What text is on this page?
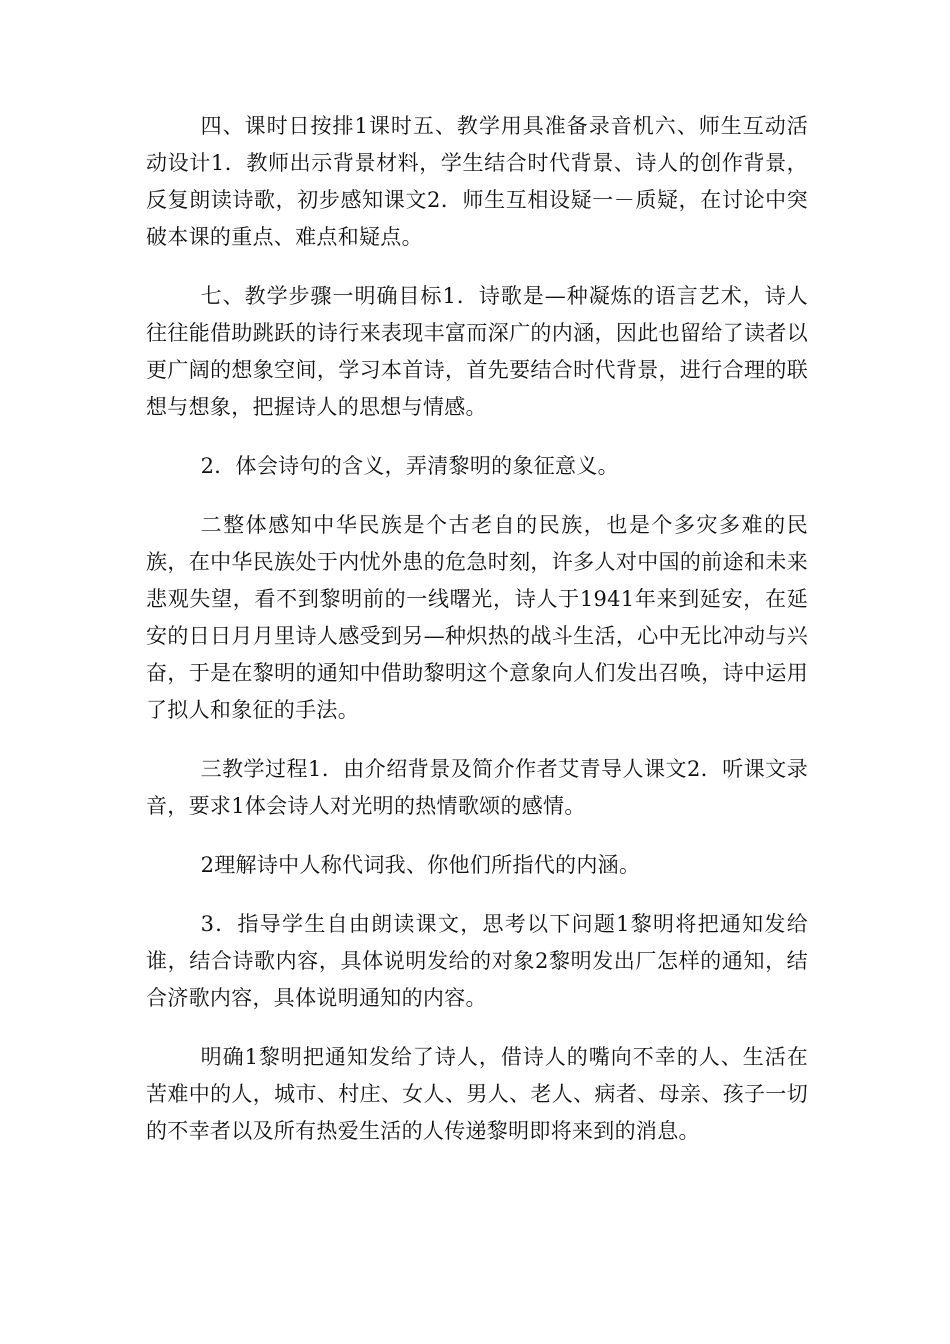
四、课时日按排1课时五、教学用具准备录音机六、师生互动活动设计1．教师出示背景材料，学生结合时代背景、诗人的创作背景，反复朗读诗歌，初步感知课文2．师生互相设疑一－质疑，在讨论中突破本课的重点、难点和疑点。

七、教学步骤一明确目标1．诗歌是—种凝炼的语言艺术，诗人往往能借助跳跃的诗行来表现丰富而深广的内涵，因此也留给了读者以更广阔的想象空间，学习本首诗，首先要结合时代背景，进行合理的联想与想象，把握诗人的思想与情感。

2．体会诗句的含义，弄清黎明的象征意义。

二整体感知中华民族是个古老自的民族，也是个多灾多难的民族，在中华民族处于内忧外患的危急时刻，许多人对中国的前途和未来悲观失望，看不到黎明前的一线曙光，诗人于1941年来到延安，在延安的日日月月里诗人感受到另—种炽热的战斗生活，心中无比冲动与兴奋，于是在黎明的通知中借助黎明这个意象向人们发出召唤，诗中运用了拟人和象征的手法。

三教学过程1．由介绍背景及简介作者艾青导人课文2．听课文录音，要求1体会诗人对光明的热情歌颂的感情。

2理解诗中人称代词我、你他们所指代的内涵。

3．指导学生自由朗读课文，思考以下问题1黎明将把通知发给谁，结合诗歌内容，具体说明发给的对象2黎明发出厂怎样的通知，结合济歌内容，具体说明通知的内容。

明确1黎明把通知发给了诗人，借诗人的嘴向不幸的人、生活在苦难中的人，城市、村庄、女人、男人、老人、病者、母亲、孩子一切的不幸者以及所有热爱生活的人传递黎明即将来到的消息。
